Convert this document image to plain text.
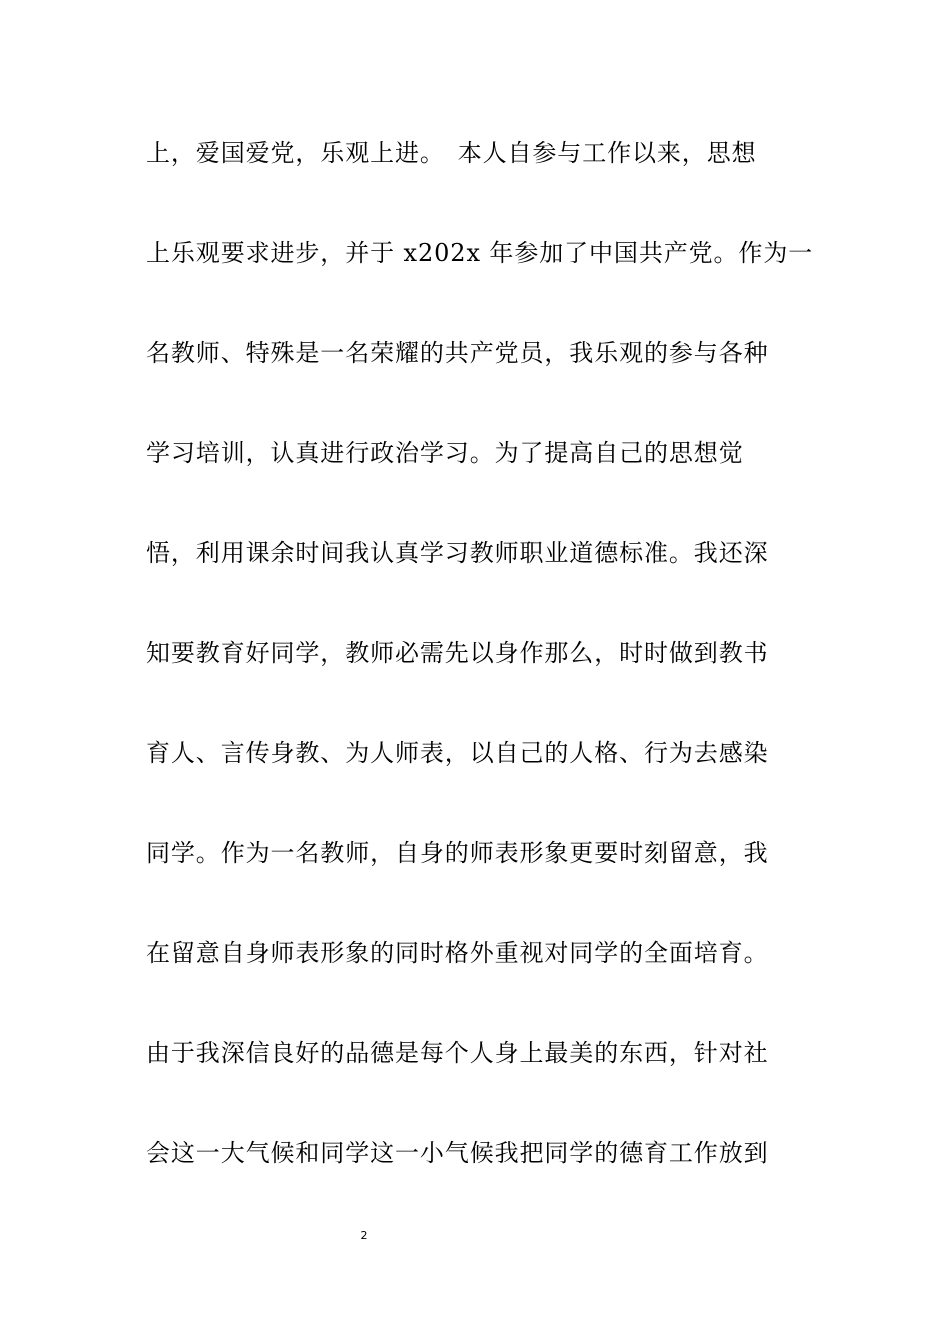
上，爱国爱党，乐观上进。　本人自参与工作以来，思想
上乐观要求进步，并于 x202x 年参加了中国共产党。作为一
名教师、特殊是一名荣耀的共产党员，我乐观的参与各种
学习培训，认真进行政治学习。为了提高自己的思想觉
悟，利用课余时间我认真学习教师职业道德标准。我还深
知要教育好同学，教师必需先以身作那么，时时做到教书
育人、言传身教、为人师表，以自己的人格、行为去感染
同学。作为一名教师，自身的师表形象更要时刻留意，我
在留意自身师表形象的同时格外重视对同学的全面培育。
由于我深信良好的品德是每个人身上最美的东西，针对社
会这一大气候和同学这一小气候我把同学的德育工作放到
2
